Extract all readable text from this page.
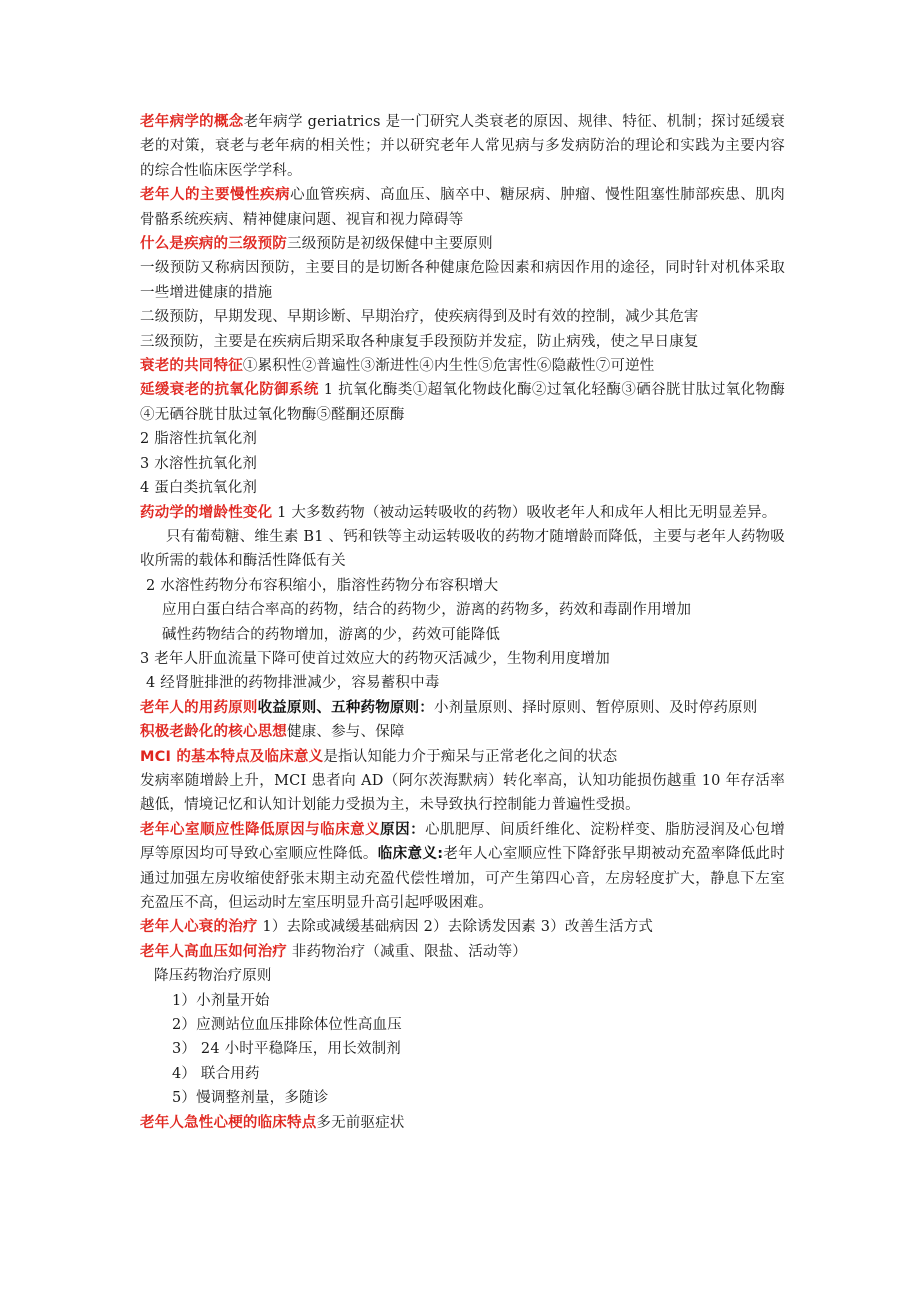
老年病学的概念老年病学 geriatrics 是一门研究人类衰老的原因、规律、特征、机制；探讨延缓衰老的对策，衰老与老年病的相关性；并以研究老年人常见病与多发病防治的理论和实践为主要内容的综合性临床医学学科。

老年人的主要慢性疾病心血管疾病、高血压、脑卒中、糖尿病、肿瘤、慢性阻塞性肺部疾患、肌肉骨骼系统疾病、精神健康问题、视盲和视力障碍等

什么是疾病的三级预防三级预防是初级保健中主要原则

一级预防又称病因预防，主要目的是切断各种健康危险因素和病因作用的途径，同时针对机体采取一些增进健康的措施

二级预防，早期发现、早期诊断、早期治疗，使疾病得到及时有效的控制，减少其危害

三级预防，主要是在疾病后期采取各种康复手段预防并发症，防止病残，使之早日康复

衰老的共同特征①累积性②普遍性③渐进性④内生性⑤危害性⑥隐蔽性⑦可逆性

延缓衰老的抗氧化防御系统 1 抗氧化酶类①超氧化物歧化酶②过氧化轻酶③硒谷胱甘肽过氧化物酶④无硒谷胱甘肽过氧化物酶⑤醛酮还原酶

2 脂溶性抗氧化剂

3 水溶性抗氧化剂

4 蛋白类抗氧化剂

药动学的增龄性变化 1 大多数药物（被动运转吸收的药物）吸收老年人和成年人相比无明显差异。

只有葡萄糖、维生素 B1 、钙和铁等主动运转吸收的药物才随增龄而降低，主要与老年人药物吸收所需的载体和酶活性降低有关

2 水溶性药物分布容积缩小，脂溶性药物分布容积增大

应用白蛋白结合率高的药物，结合的药物少，游离的药物多，药效和毒副作用增加

碱性药物结合的药物增加，游离的少，药效可能降低

3 老年人肝血流量下降可使首过效应大的药物灭活减少，生物利用度增加

4 经肾脏排泄的药物排泄减少，容易蓄积中毒

老年人的用药原则收益原则、五种药物原则：小剂量原则、择时原则、暂停原则、及时停药原则

积极老龄化的核心思想健康、参与、保障

MCI 的基本特点及临床意义是指认知能力介于痴呆与正常老化之间的状态

发病率随增龄上升，MCI 患者向 AD（阿尔茨海默病）转化率高，认知功能损伤越重 10 年存活率越低，情境记忆和认知计划能力受损为主，未导致执行控制能力普遍性受损。

老年心室顺应性降低原因与临床意义原因：心肌肥厚、间质纤维化、淀粉样变、脂肪浸润及心包增厚等原因均可导致心室顺应性降低。临床意义:老年人心室顺应性下降舒张早期被动充盈率降低此时通过加强左房收缩使舒张末期主动充盈代偿性增加，可产生第四心音，左房轻度扩大，静息下左室充盈压不高，但运动时左室压明显升高引起呼吸困难。

老年人心衰的治疗 1）去除或减缓基础病因 2）去除诱发因素 3）改善生活方式

老年人高血压如何治疗 非药物治疗（减重、限盐、活动等）

降压药物治疗原则

1）小剂量开始

2）应测站位血压排除体位性高血压

3） 24 小时平稳降压，用长效制剂

4） 联合用药

5）慢调整剂量，多随诊

老年人急性心梗的临床特点多无前驱症状
